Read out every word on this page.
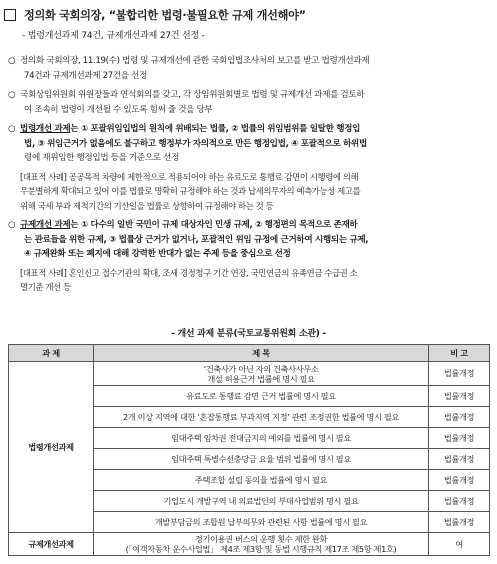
정의화 국회의장, “불합리한 법령·불필요한 규제 개선해야”
- 법령개선과제 74건, 규제개선과제 27건 선정 -
○ 정의화 국회의장, 11.19(수) 법령 및 규제개선에 관한 국회입법조사처의 보고를 받고 법령개선과제
74건과 규제개선과제 27건을 선정
○ 국회상임위원회 위원장들과 연석회의를 갖고, 각 상임위원회별로 법령 및 규제개선 과제를 검토하
여 조속히 법령이 개선될 수 있도록 힘써 줄 것을 당부
○ 법령개선 과제는 ① 포괄위임입법의 원칙에 위배되는 법률, ② 법률의 위임범위를 일탈한 행정입
법, ③ 위임근거가 없음에도 불구하고 행정부가 자의적으로 만든 행정입법, ④ 포괄적으로 하위법
령에 재위임한 행정입법 등을 기준으로 선정
[대표적 사례] 공공목적 차량에 제한적으로 적용되어야 하는 유료도로 통행료 감면이 시행령에 의해
무분별하게 확대되고 있어 이를 법률로 명확히 규정해야 하는 것과 납세의무자의 예측가능성 제고를
위해 국세 부과 제척기간의 기산일을 법률로 상향하여 규정해야 하는 것 등
○ 규제개선 과제는 ① 다수의 일반 국민이 규제 대상자인 민생 규제, ② 행정편의 목적으로 존재하
는 관료들을 위한 규제, ③ 법률상 근거가 없거나, 포괄적인 위임 규정에 근거하여 시행되는 규제,
④ 규제완화 또는 폐지에 대해 강력한 반대가 없는 주제 등을 중심으로 선정
[대표적 사례] 혼인신고 접수기관의 확대, 조세 경정청구 기간 연장, 국민연금의 유족연금 수급권 소
멸기준 개선 등
- 개선 과제 분류(국토교통위원회 소관) -
과 제	제 목	비 고
법령개선과제	‘건축사가 아닌 자의 건축사사무소
개설 허용근거 법률에 명시 필요	법률개정
	유료도로 통행료 감면 근거 법률에 명시 필요	법률개정
	2개 이상 지역에 대한 ‘혼잡통행료 부과지역 지정’ 관련 조정권한 법률에 명시 필요	법률개정
	임대주택 임차권 전대금지의 예외를 법률에 명시 필요	법률개정
	임대주택 특별수선충당금 요율 범위 법률에 명시 필요	법률개정
	주택조합 설립 동의율 법률에 명시 필요	법률개정
	기업도시 개발구역 내 의료법인의 부대사업범위 명시 필요	법률개정
	개발부담금의 조합원 납부의무와 관련된 사항 법률에 명시 필요	법률개정
규제개선과제	정기이용권 버스의 운행 횟수 제한 완화
(「여객자동차 운수사업법」 제4조 제3항 및 동법 시행규칙 제17조 제5항 제1호)	여
